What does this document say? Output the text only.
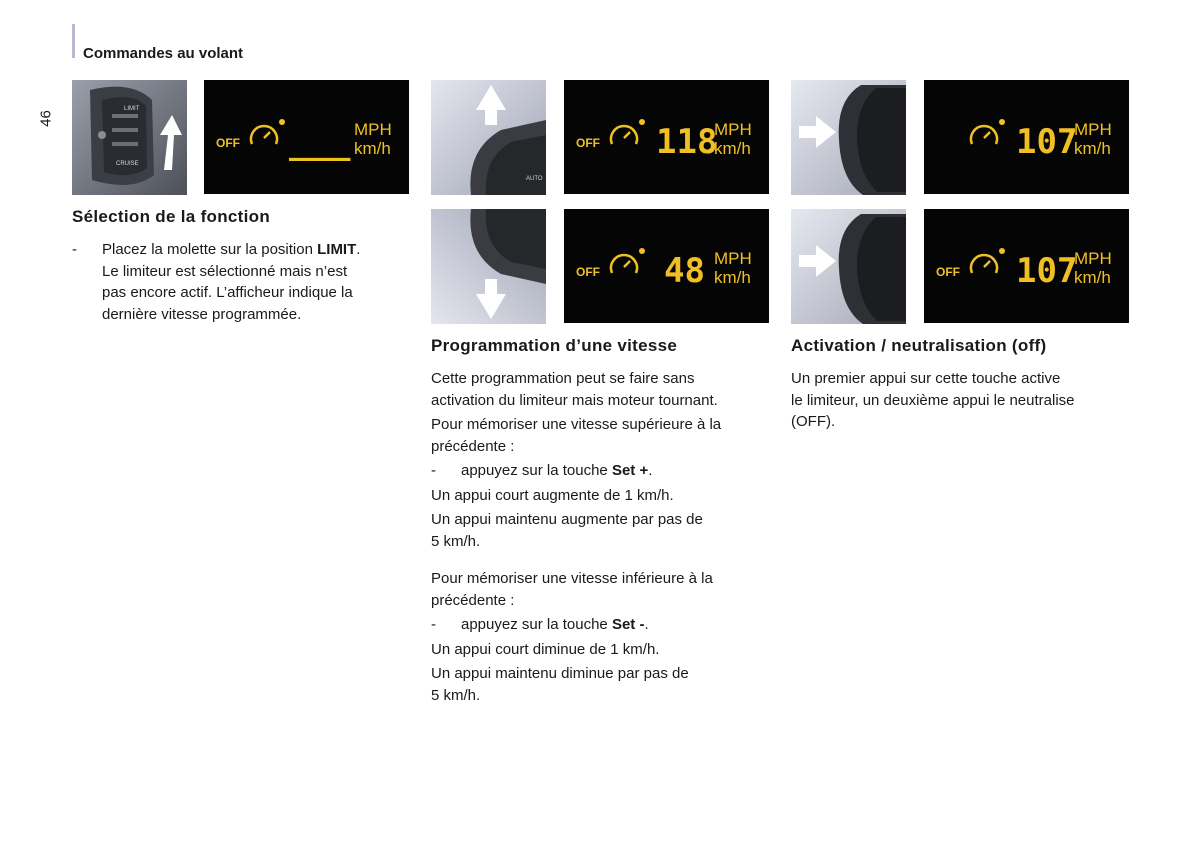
Commandes au volant
46
LIMIT
CRUISE
OFF ___ MPH
km/h
AUTO
OFF 118
MPH
km/h	107
MPH
km/h
OFF 48 MPH
km/h	OFF 107
MPH
km/h
Sélection de la fonction
-	Placez la molette sur la position LIMIT.
Le limiteur est sélectionné mais n’est
pas encore actif. L’afficheur indique la
dernière vitesse programmée.
Programmation d’une vitesse

Cette programmation peut se faire sans
activation du limiteur mais moteur tournant.

Pour mémoriser une vitesse supérieure à la
précédente :

-	appuyez sur la touche Set +.

Un appui court augmente de 1 km/h.

Un appui maintenu augmente par pas de
5 km/h.

Pour mémoriser une vitesse inférieure à la
précédente :

-	appuyez sur la touche Set -.

Un appui court diminue de 1 km/h.

Un appui maintenu diminue par pas de
5 km/h.

Activation / neutralisation (off)

Un premier appui sur cette touche active
le limiteur, un deuxième appui le neutralise
(OFF).
